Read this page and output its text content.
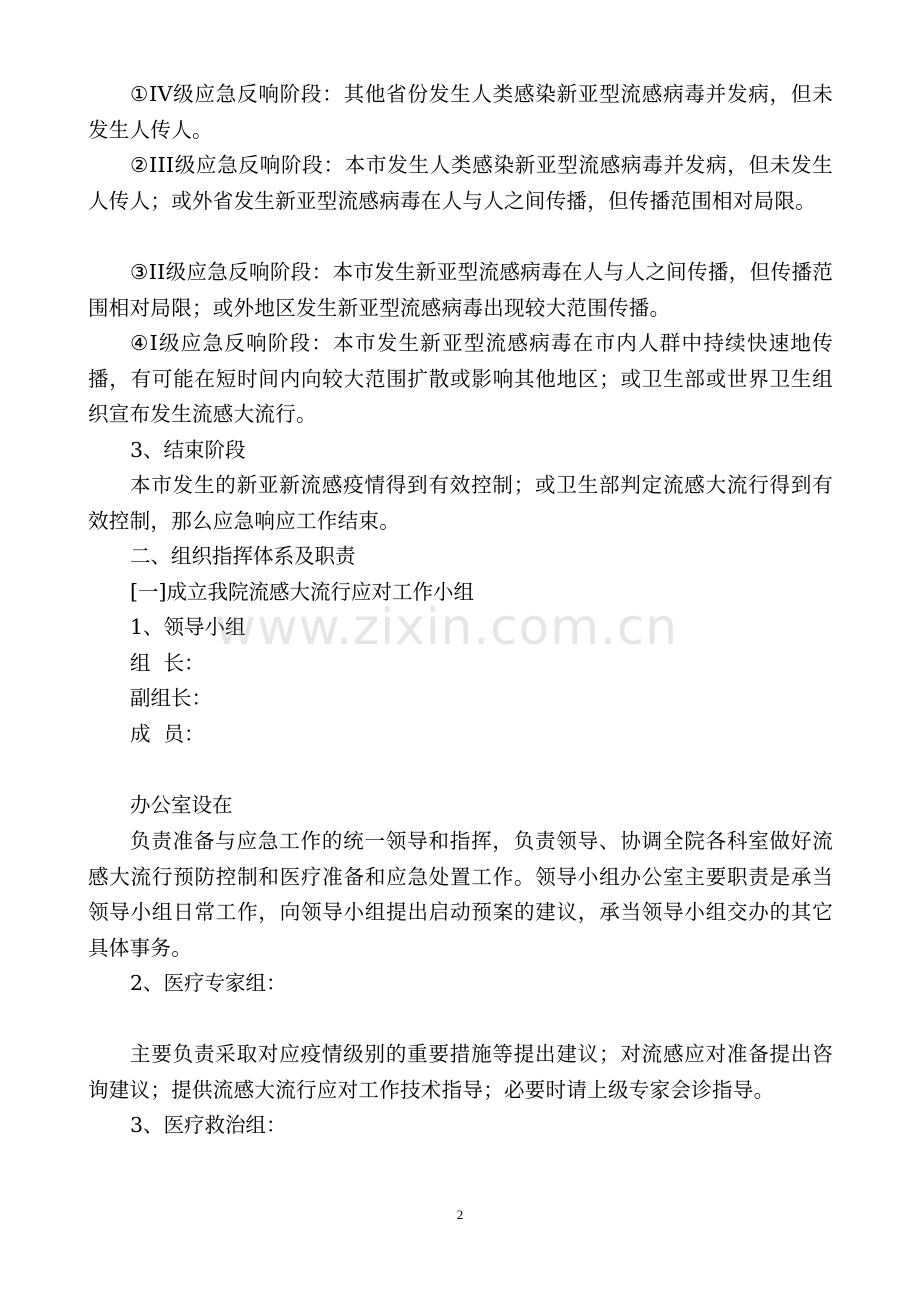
①IV级应急反响阶段：其他省份发生人类感染新亚型流感病毒并发病，但未发生人传人。

②III级应急反响阶段：本市发生人类感染新亚型流感病毒并发病，但未发生人传人；或外省发生新亚型流感病毒在人与人之间传播，但传播范围相对局限。

③II级应急反响阶段：本市发生新亚型流感病毒在人与人之间传播，但传播范围相对局限；或外地区发生新亚型流感病毒出现较大范围传播。

④I级应急反响阶段：本市发生新亚型流感病毒在市内人群中持续快速地传播，有可能在短时间内向较大范围扩散或影响其他地区；或卫生部或世界卫生组织宣布发生流感大流行。

3、结束阶段

本市发生的新亚新流感疫情得到有效控制；或卫生部判定流感大流行得到有效控制，那么应急响应工作结束。

二、组织指挥体系及职责

[一]成立我院流感大流行应对工作小组

1、领导小组

组  长：

副组长：

成  员：

办公室设在

负责准备与应急工作的统一领导和指挥，负责领导、协调全院各科室做好流感大流行预防控制和医疗准备和应急处置工作。领导小组办公室主要职责是承当领导小组日常工作，向领导小组提出启动预案的建议，承当领导小组交办的其它具体事务。

2、医疗专家组：

主要负责采取对应疫情级别的重要措施等提出建议；对流感应对准备提出咨询建议；提供流感大流行应对工作技术指导；必要时请上级专家会诊指导。

3、医疗救治组：

www.zixin.com.cn
2
